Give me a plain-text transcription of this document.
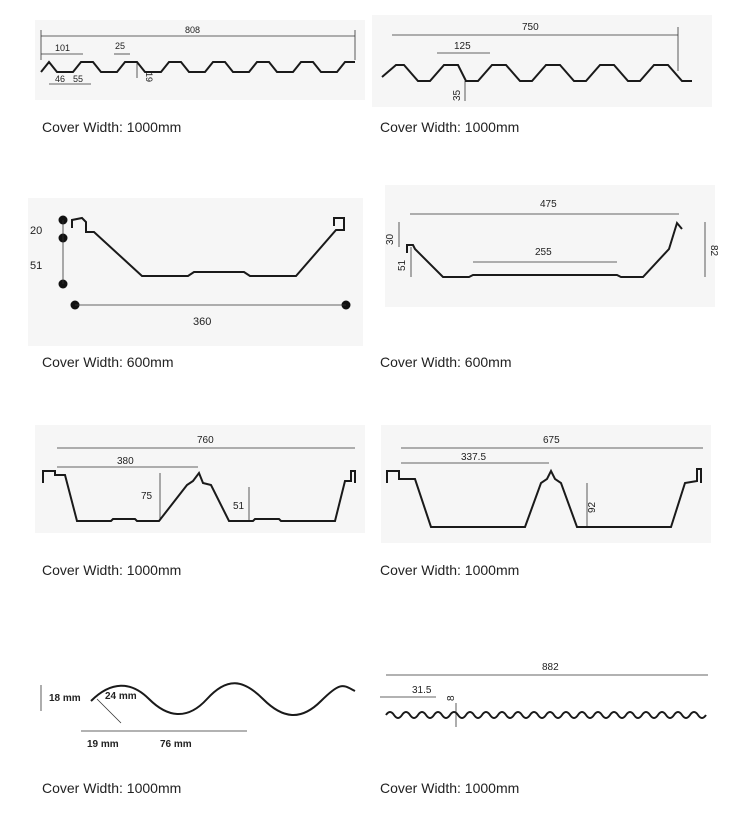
808
101	25
19
46 55
Cover Width: 1000mm
750
125
35
Cover Width: 1000mm
20
51
360
Cover Width: 600mm
475
255
30
51
82
Cover Width: 600mm
760
380
75
51
Cover Width: 1000mm
675
337.5
92
Cover Width: 1000mm
18 mm 24 mm
19 mm	76 mm
Cover Width: 1000mm
882
31.5
8
Cover Width: 1000mm
